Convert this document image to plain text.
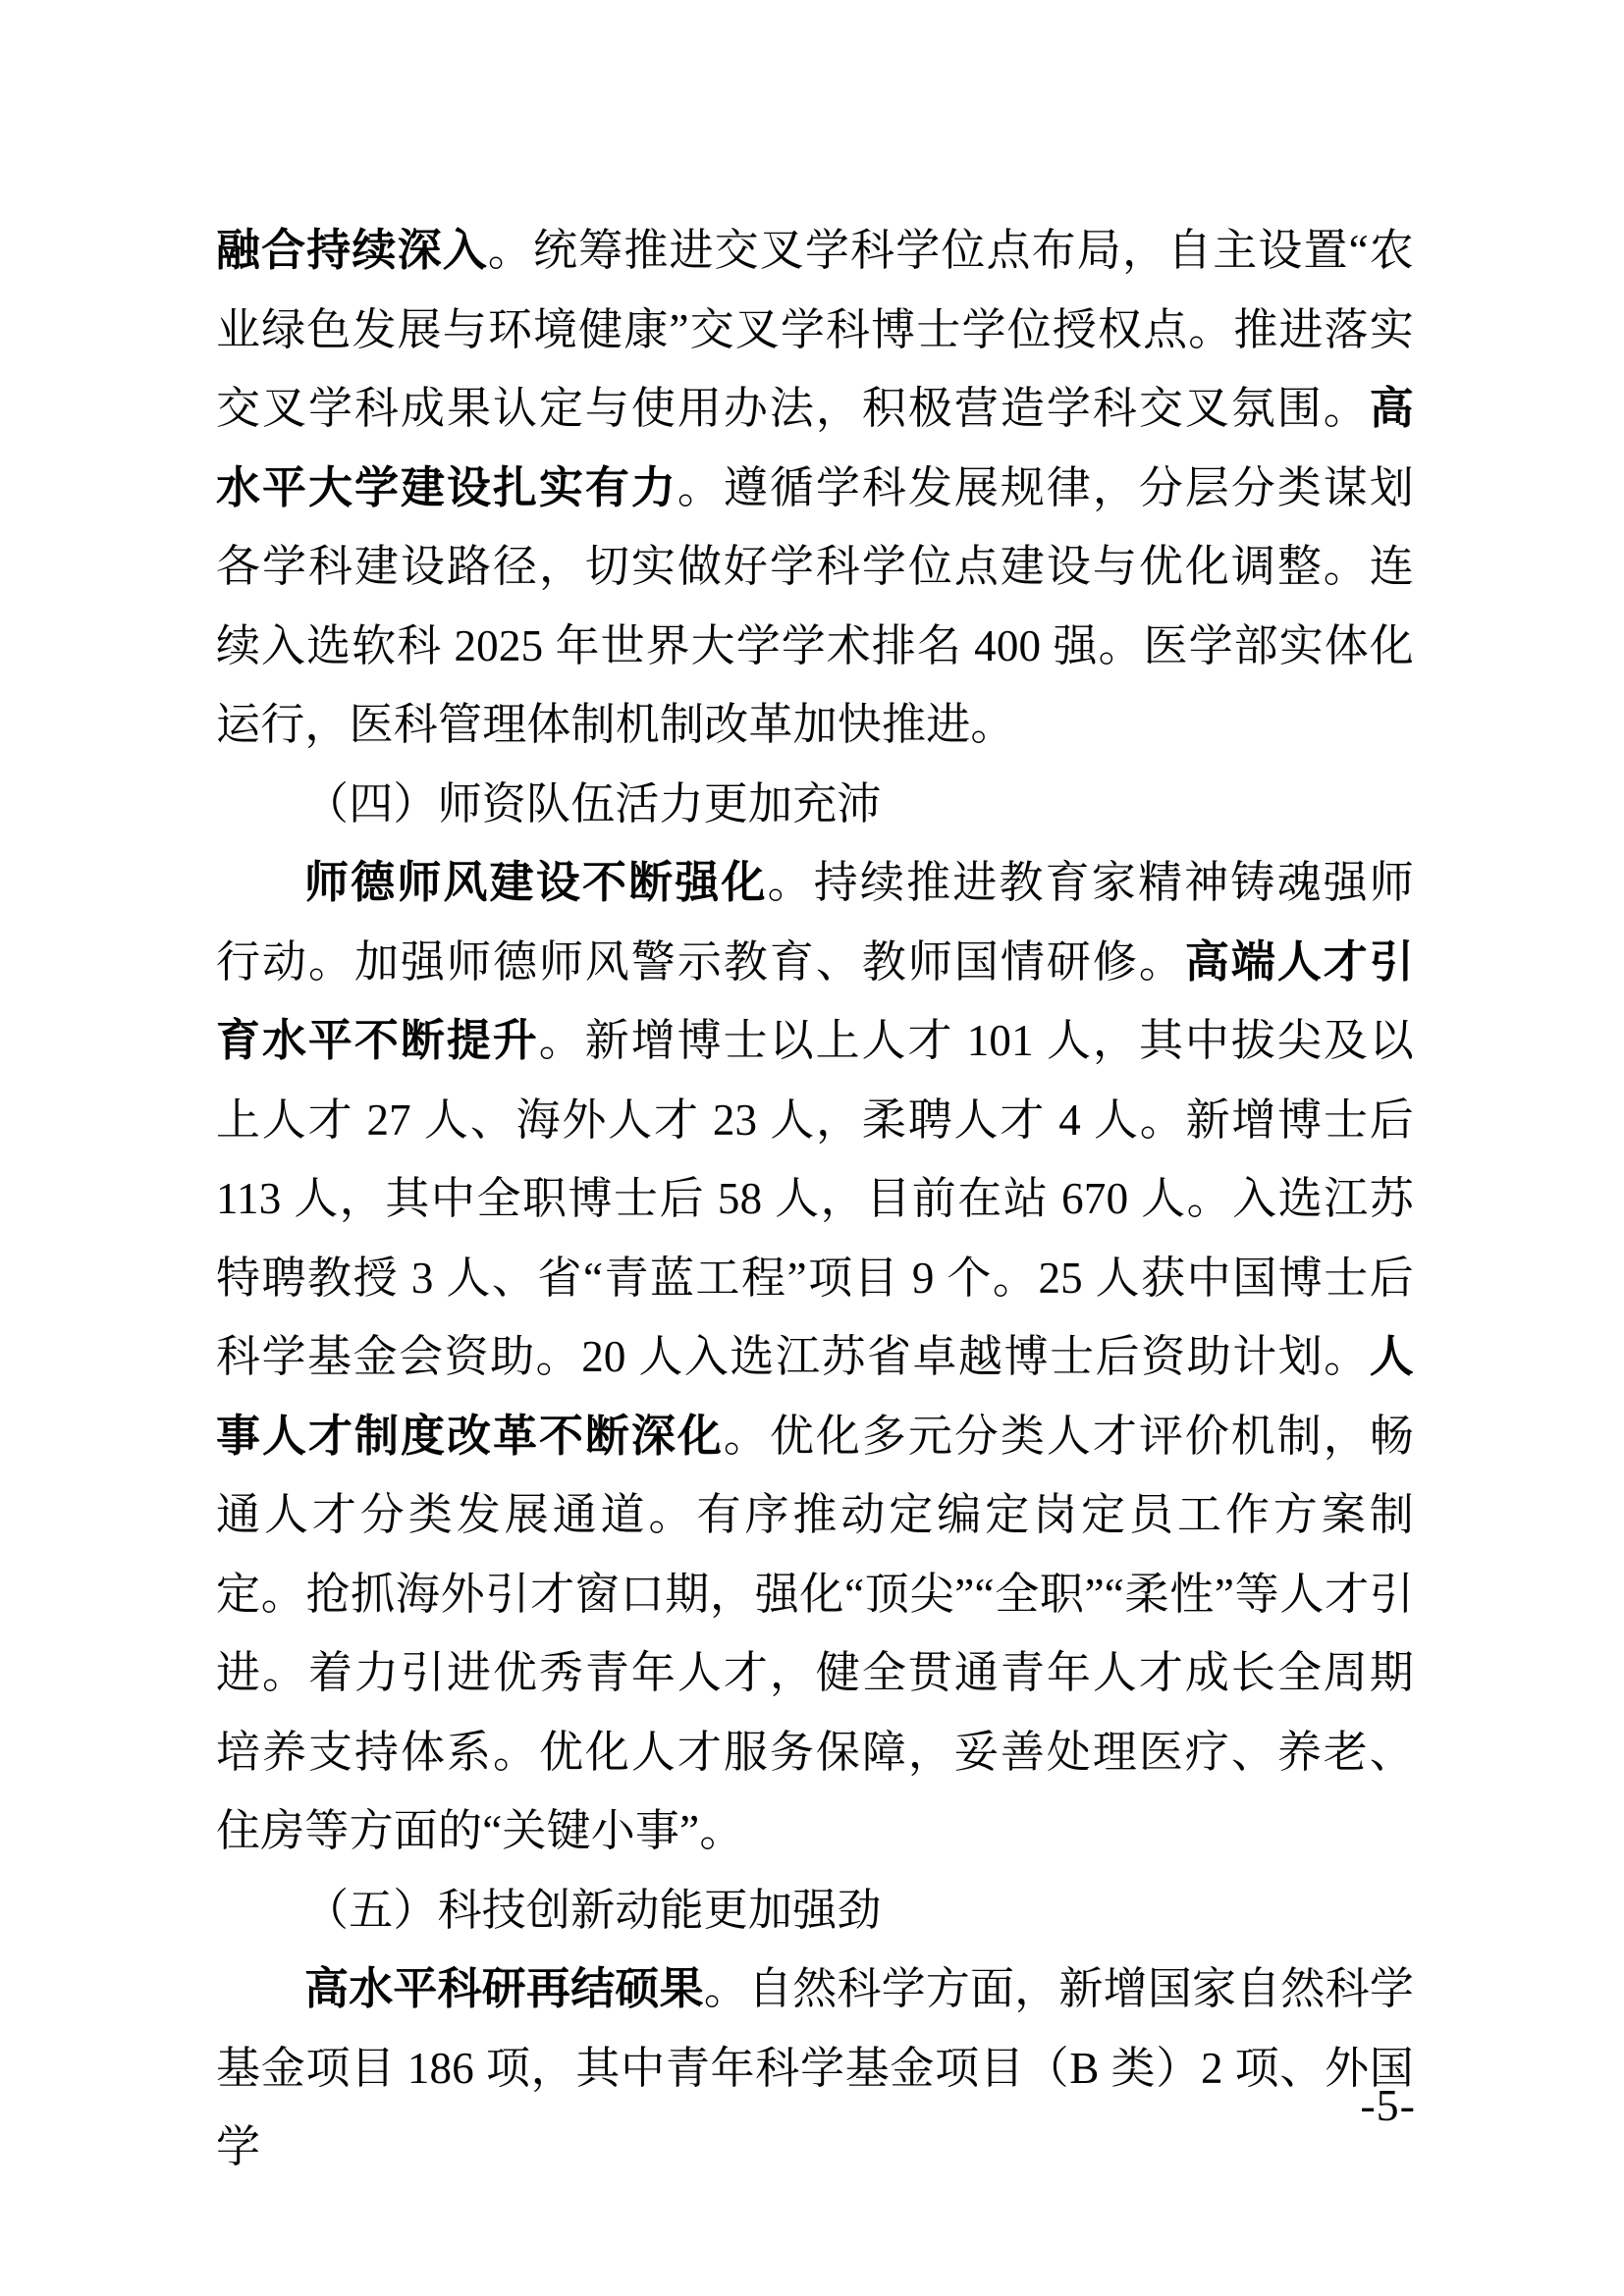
融合持续深入。统筹推进交叉学科学位点布局，自主设置“农业绿色发展与环境健康”交叉学科博士学位授权点。推进落实交叉学科成果认定与使用办法，积极营造学科交叉氛围。高水平大学建设扎实有力。遵循学科发展规律，分层分类谋划各学科建设路径，切实做好学科学位点建设与优化调整。连续入选软科 2025 年世界大学学术排名 400 强。医学部实体化运行，医科管理体制机制改革加快推进。

（四）师资队伍活力更加充沛

师德师风建设不断强化。持续推进教育家精神铸魂强师行动。加强师德师风警示教育、教师国情研修。高端人才引育水平不断提升。新增博士以上人才 101 人，其中拔尖及以上人才 27 人、海外人才 23 人，柔聘人才 4 人。新增博士后 113 人，其中全职博士后 58 人，目前在站 670 人。入选江苏特聘教授 3 人、省“青蓝工程”项目 9 个。25 人获中国博士后科学基金会资助。20 人入选江苏省卓越博士后资助计划。人事人才制度改革不断深化。优化多元分类人才评价机制，畅通人才分类发展通道。有序推动定编定岗定员工作方案制定。抢抓海外引才窗口期，强化“顶尖”“全职”“柔性”等人才引进。着力引进优秀青年人才，健全贯通青年人才成长全周期培养支持体系。优化人才服务保障，妥善处理医疗、养老、住房等方面的“关键小事”。

（五）科技创新动能更加强劲

高水平科研再结硕果。自然科学方面，新增国家自然科学基金项目 186 项，其中青年科学基金项目（B 类）2 项、外国学

-5-
